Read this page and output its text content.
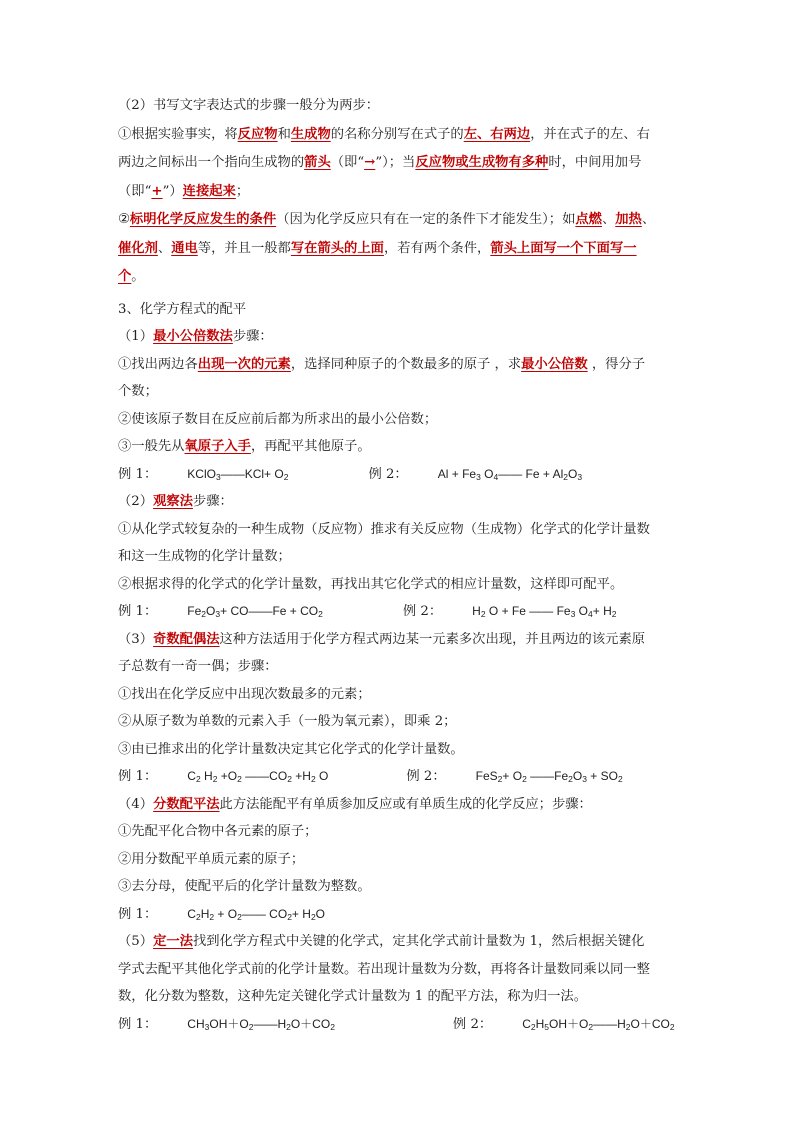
（2）书写文字表达式的步骤一般分为两步：
①根据实验事实，将反应物和生成物的名称分别写在式子的左、右两边，并在式子的左、右
两边之间标出一个指向生成物的箭头（即“→”）；当反应物或生成物有多种时，中间用加号
（即“+”）连接起来；
②标明化学反应发生的条件（因为化学反应只有在一定的条件下才能发生）；如点燃、加热、
催化剂、通电等，并且一般都写在箭头的上面，若有两个条件，箭头上面写一个下面写一
个。
3、化学方程式的配平
（1）最小公倍数法步骤：
①找出两边各出现一次的元素，选择同种原子的个数最多的原子 ，求最小公倍数 ，得分子
个数；
②使该原子数目在反应前后都为所求出的最小公倍数；
③一般先从氧原子入手，再配平其他原子。
例 1：	KClO$_3$——KCl+ $O_2$	例 2：	$Al + Fe_3$ $O_4——$ $Fe + Al_2O_3$
（2）观察法步骤：
①从化学式较复杂的一种生成物（反应物）推求有关反应物（生成物）化学式的化学计量数
和这一生成物的化学计量数；
②根据求得的化学式的化学计量数，再找出其它化学式的相应计量数，这样即可配平。
例 1：	$Fe_2O_3+$ CO——Fe + $CO_2$	例 2：	$H_2$ O + Fe —— $Fe_3$ $O_4+ H_2$
（3）奇数配偶法这种方法适用于化学方程式两边某一元素多次出现，并且两边的该元素原
子总数有一奇一偶；步骤：
①找出在化学反应中出现次数最多的元素；
②从原子数为单数的元素入手（一般为氧元素），即乘 2；
③由已推求出的化学计量数决定其它化学式的化学计量数。
例 1：	$C_2$ $H_2 +O_2$ $——CO_2 +H_2$ O	例 2：	$FeS_2+ O_2$ $——Fe_2O_3 + SO_2$
（4）分数配平法此方法能配平有单质参加反应或有单质生成的化学反应；步骤：
①先配平化合物中各元素的原子；
②用分数配平单质元素的原子；
③去分母，使配平后的化学计量数为整数。
例 1：	$C_2H_2$ + $O_2——$ $CO_2+ H_2O$
（5）定一法找到化学方程式中关键的化学式，定其化学式前计量数为 1，然后根据关键化
学式去配平其他化学式前的化学计量数。若出现计量数为分数，再将各计量数同乘以同一整
数，化分数为整数，这种先定关键化学式计量数为 1 的配平方法，称为归一法。
例 1：	$CH_3OH+O_2——H_2O+CO_2$	例 2：	$C_2H_5OH+O_2——H_2O+CO_2$
